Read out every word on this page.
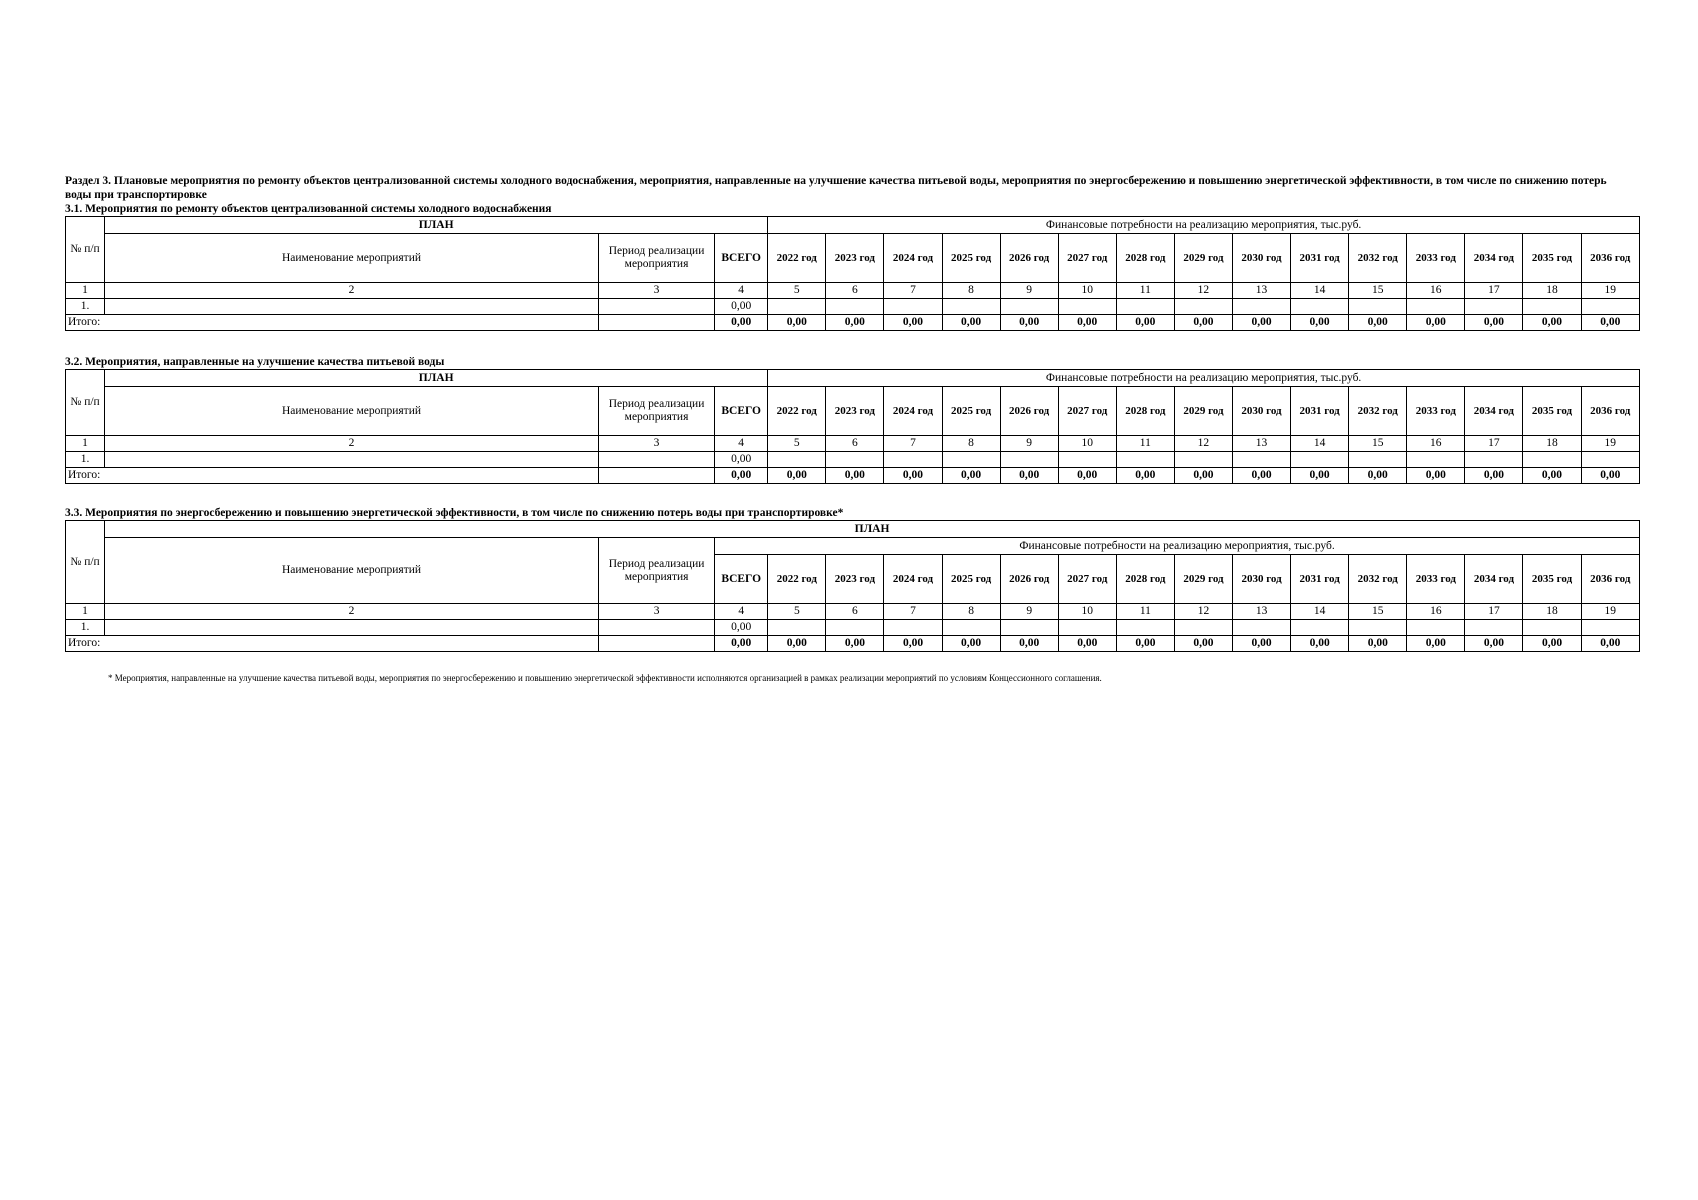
Раздел 3. Плановые мероприятия по ремонту объектов централизованной системы холодного водоснабжения, мероприятия, направленные на улучшение качества питьевой воды, мероприятия по энергосбережению и повышению энергетической эффективности, в том числе по снижению потерь воды при транспортировке
3.1. Мероприятия по ремонту объектов централизованной системы холодного водоснабжения
№ п/п	ПЛАН			Финансовые потребности на реализацию мероприятия, тыс.руб.														
	Наименование мероприятий	Период реализации мероприятия	ВСЕГО	2022 год	2023 год	2024 год	2025 год	2026 год	2027 год	2028 год	2029 год	2030 год	2031 год	2032 год	2033 год	2034 год	2035 год	2036 год
1	2	3	4	5	6	7	8	9	10	11	12	13	14	15	16	17	18	19
1.			0,00															
Итого:			0,00	0,00	0,00	0,00	0,00	0,00	0,00	0,00	0,00	0,00	0,00	0,00	0,00	0,00	0,00	0,00
3.2. Мероприятия, направленные на улучшение качества питьевой воды
№ п/п	ПЛАН			Финансовые потребности на реализацию мероприятия, тыс.руб.														
	Наименование мероприятий	Период реализации мероприятия	ВСЕГО	2022 год	2023 год	2024 год	2025 год	2026 год	2027 год	2028 год	2029 год	2030 год	2031 год	2032 год	2033 год	2034 год	2035 год	2036 год
1	2	3	4	5	6	7	8	9	10	11	12	13	14	15	16	17	18	19
1.			0,00															
Итого:			0,00	0,00	0,00	0,00	0,00	0,00	0,00	0,00	0,00	0,00	0,00	0,00	0,00	0,00	0,00	0,00
3.3. Мероприятия по энергосбережению и повышению энергетической эффективности, в том числе по снижению потерь воды при транспортировке*
№ п/п	ПЛАН																	
	Наименование мероприятий	Период реализации мероприятия	Финансовые потребности на реализацию мероприятия, тыс.руб.															
			ВСЕГО	2022 год	2023 год	2024 год	2025 год	2026 год	2027 год	2028 год	2029 год	2030 год	2031 год	2032 год	2033 год	2034 год	2035 год	2036 год
1	2	3	4	5	6	7	8	9	10	11	12	13	14	15	16	17	18	19
1.			0,00															
Итого:			0,00	0,00	0,00	0,00	0,00	0,00	0,00	0,00	0,00	0,00	0,00	0,00	0,00	0,00	0,00	0,00
* Мероприятия, направленные на улучшение качества питьевой воды, мероприятия по энергосбережению и повышению энергетической эффективности исполняются организацией в рамках реализации мероприятий по условиям Концессионного соглашения.
